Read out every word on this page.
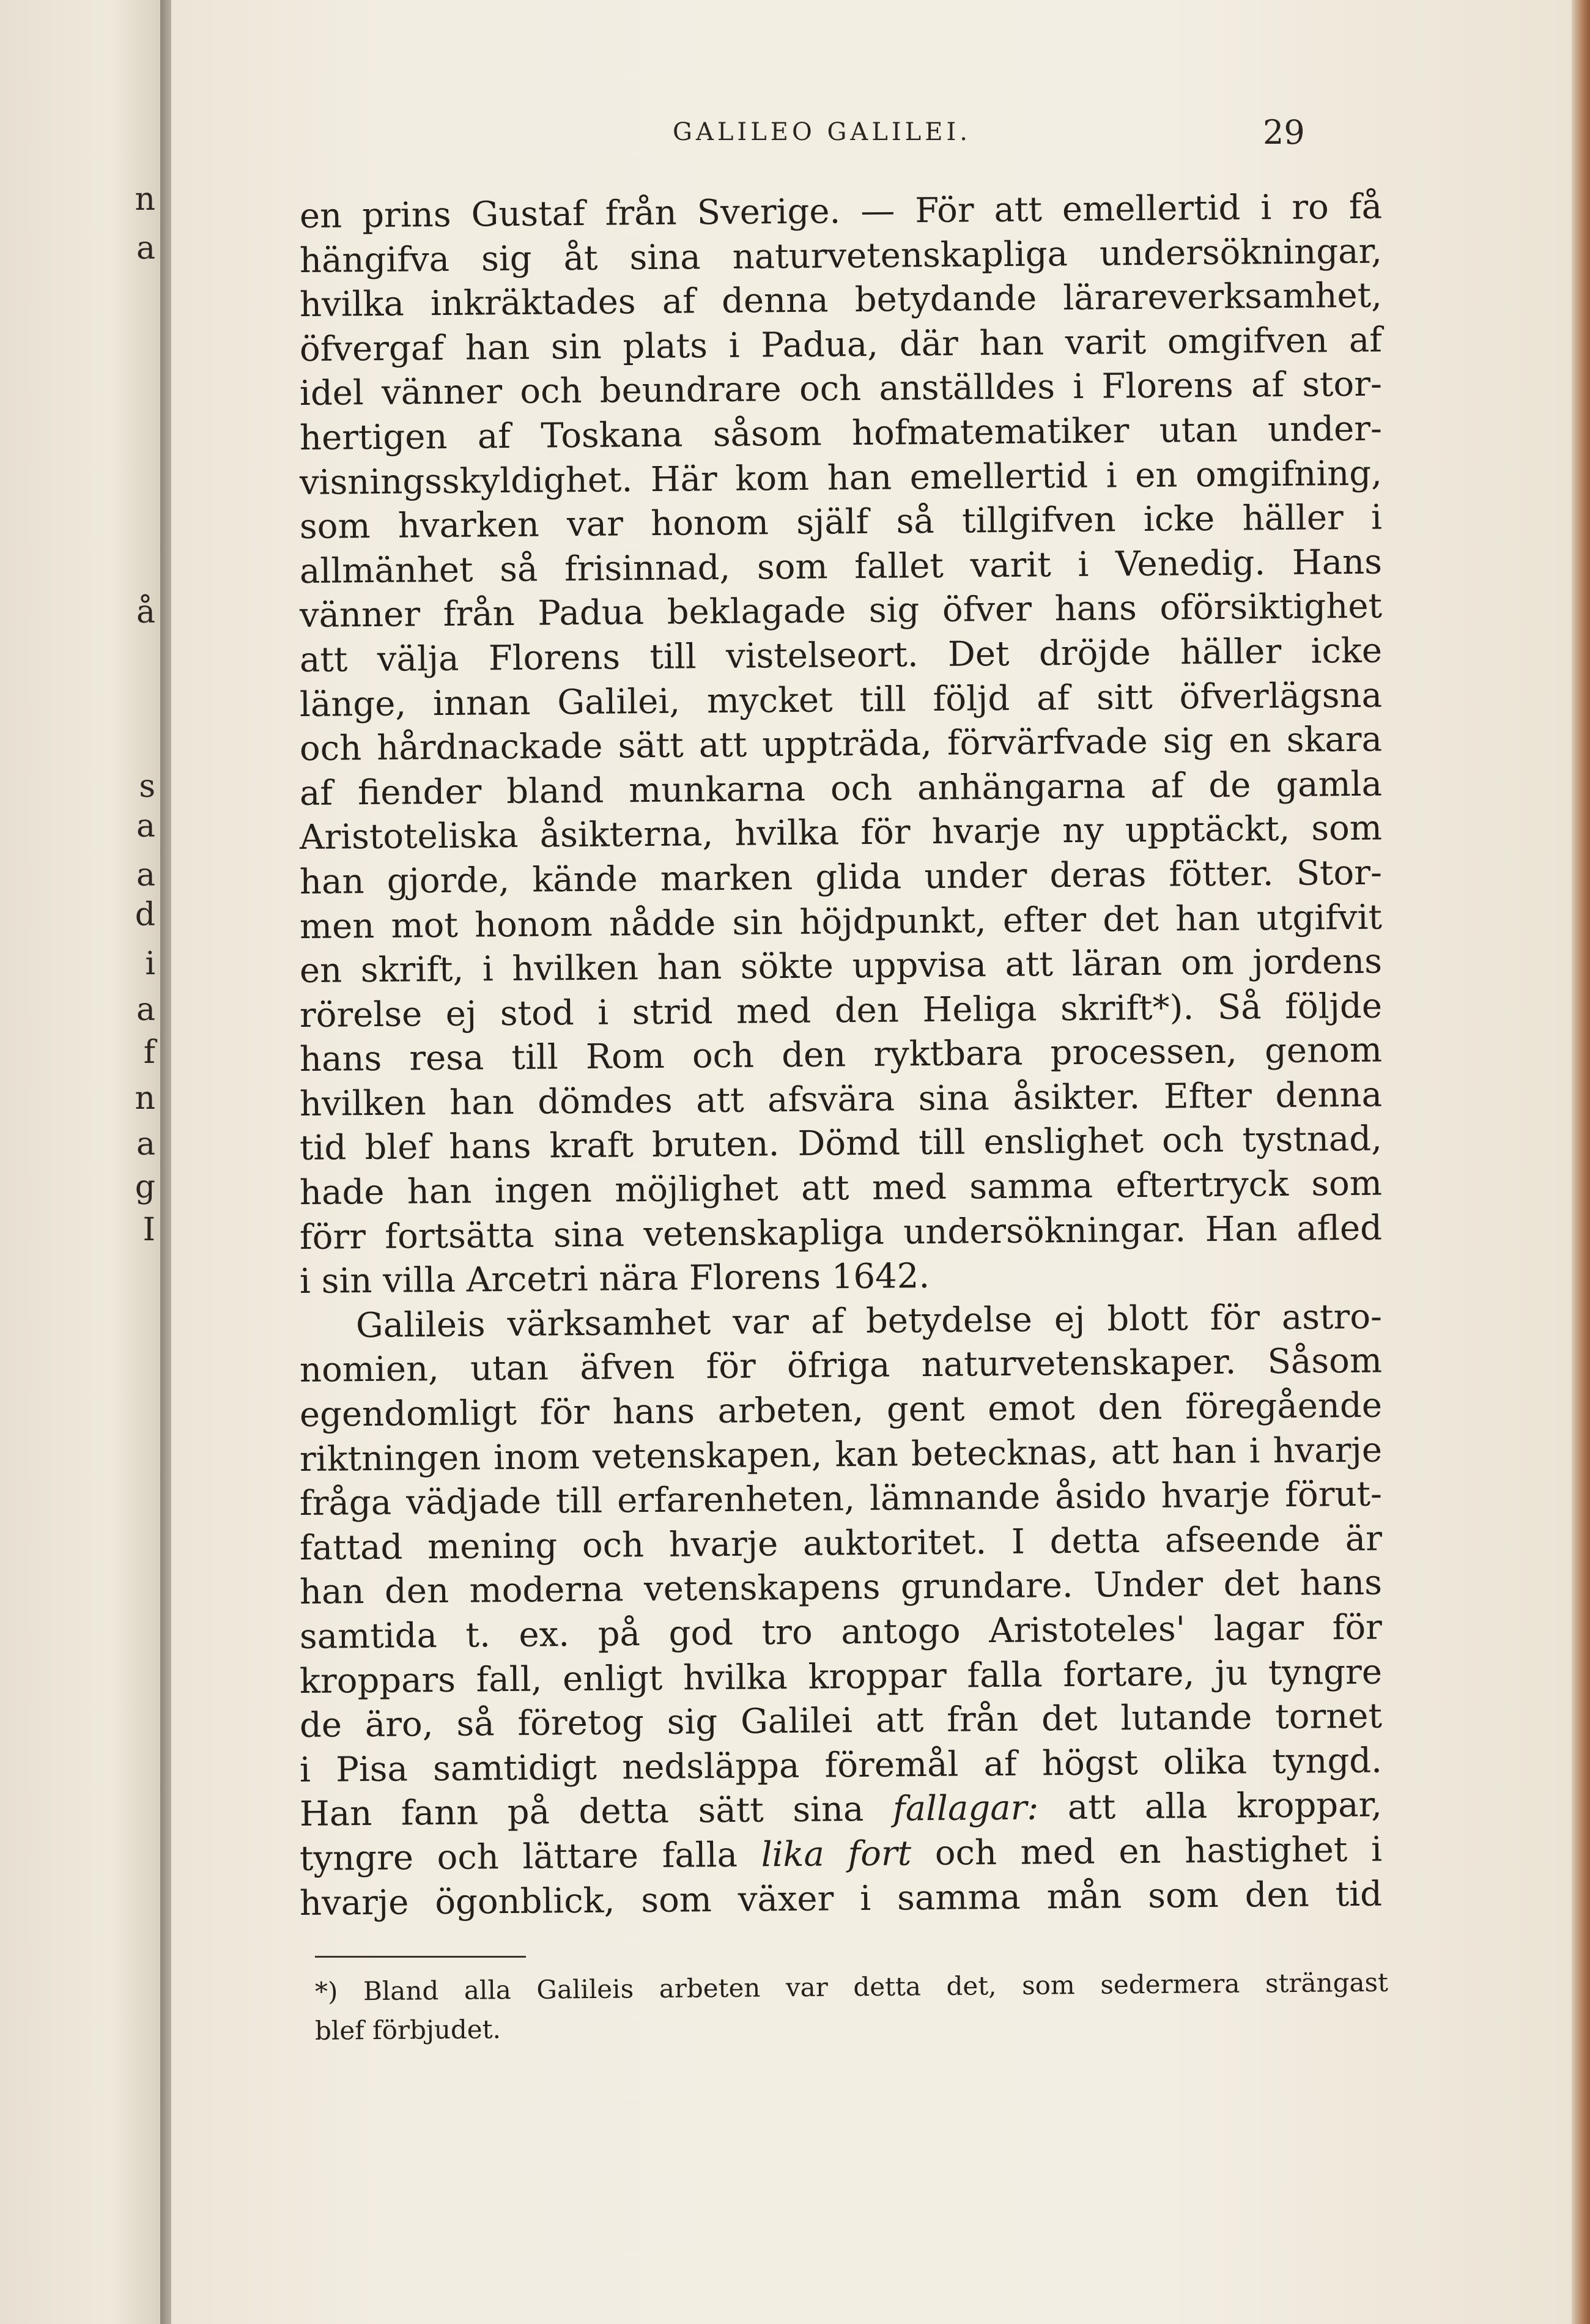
n
a
å
s
a
a
d
i
a
f
n
a
g
I
GALILEO GALILEI.	29
en prins Gustaf från Sverige. — För att emellertid i ro få
hängifva sig åt sina naturvetenskapliga undersökningar,
hvilka inkräktades af denna betydande lärareverksamhet,
öfvergaf han sin plats i Padua, där han varit omgifven af
idel vänner och beundrare och anställdes i Florens af stor-
hertigen af Toskana såsom hofmatematiker utan under-
visningsskyldighet. Här kom han emellertid i en omgifning,
som hvarken var honom själf så tillgifven icke häller i
allmänhet så frisinnad, som fallet varit i Venedig. Hans
vänner från Padua beklagade sig öfver hans oförsiktighet
att välja Florens till vistelseort. Det dröjde häller icke
länge, innan Galilei, mycket till följd af sitt öfverlägsna
och hårdnackade sätt att uppträda, förvärfvade sig en skara
af fiender bland munkarna och anhängarna af de gamla
Aristoteliska åsikterna, hvilka för hvarje ny upptäckt, som
han gjorde, kände marken glida under deras fötter. Stor-
men mot honom nådde sin höjdpunkt, efter det han utgifvit
en skrift, i hvilken han sökte uppvisa att läran om jordens
rörelse ej stod i strid med den Heliga skrift*). Så följde
hans resa till Rom och den ryktbara processen, genom
hvilken han dömdes att afsvära sina åsikter. Efter denna
tid blef hans kraft bruten. Dömd till enslighet och tystnad,
hade han ingen möjlighet att med samma eftertryck som
förr fortsätta sina vetenskapliga undersökningar. Han afled
i sin villa Arcetri nära Florens 1642.
Galileis värksamhet var af betydelse ej blott för astro-
nomien, utan äfven för öfriga naturvetenskaper. Såsom
egendomligt för hans arbeten, gent emot den föregående
riktningen inom vetenskapen, kan betecknas, att han i hvarje
fråga vädjade till erfarenheten, lämnande åsido hvarje förut-
fattad mening och hvarje auktoritet. I detta afseende är
han den moderna vetenskapens grundare. Under det hans
samtida t. ex. på god tro antogo Aristoteles' lagar för
kroppars fall, enligt hvilka kroppar falla fortare, ju tyngre
de äro, så företog sig Galilei att från det lutande tornet
i Pisa samtidigt nedsläppa föremål af högst olika tyngd.
Han fann på detta sätt sina fallagar: att alla kroppar,
tyngre och lättare falla lika fort och med en hastighet i
hvarje ögonblick, som växer i samma mån som den tid
*) Bland alla Galileis arbeten var detta det, som sedermera strängast
blef förbjudet.
